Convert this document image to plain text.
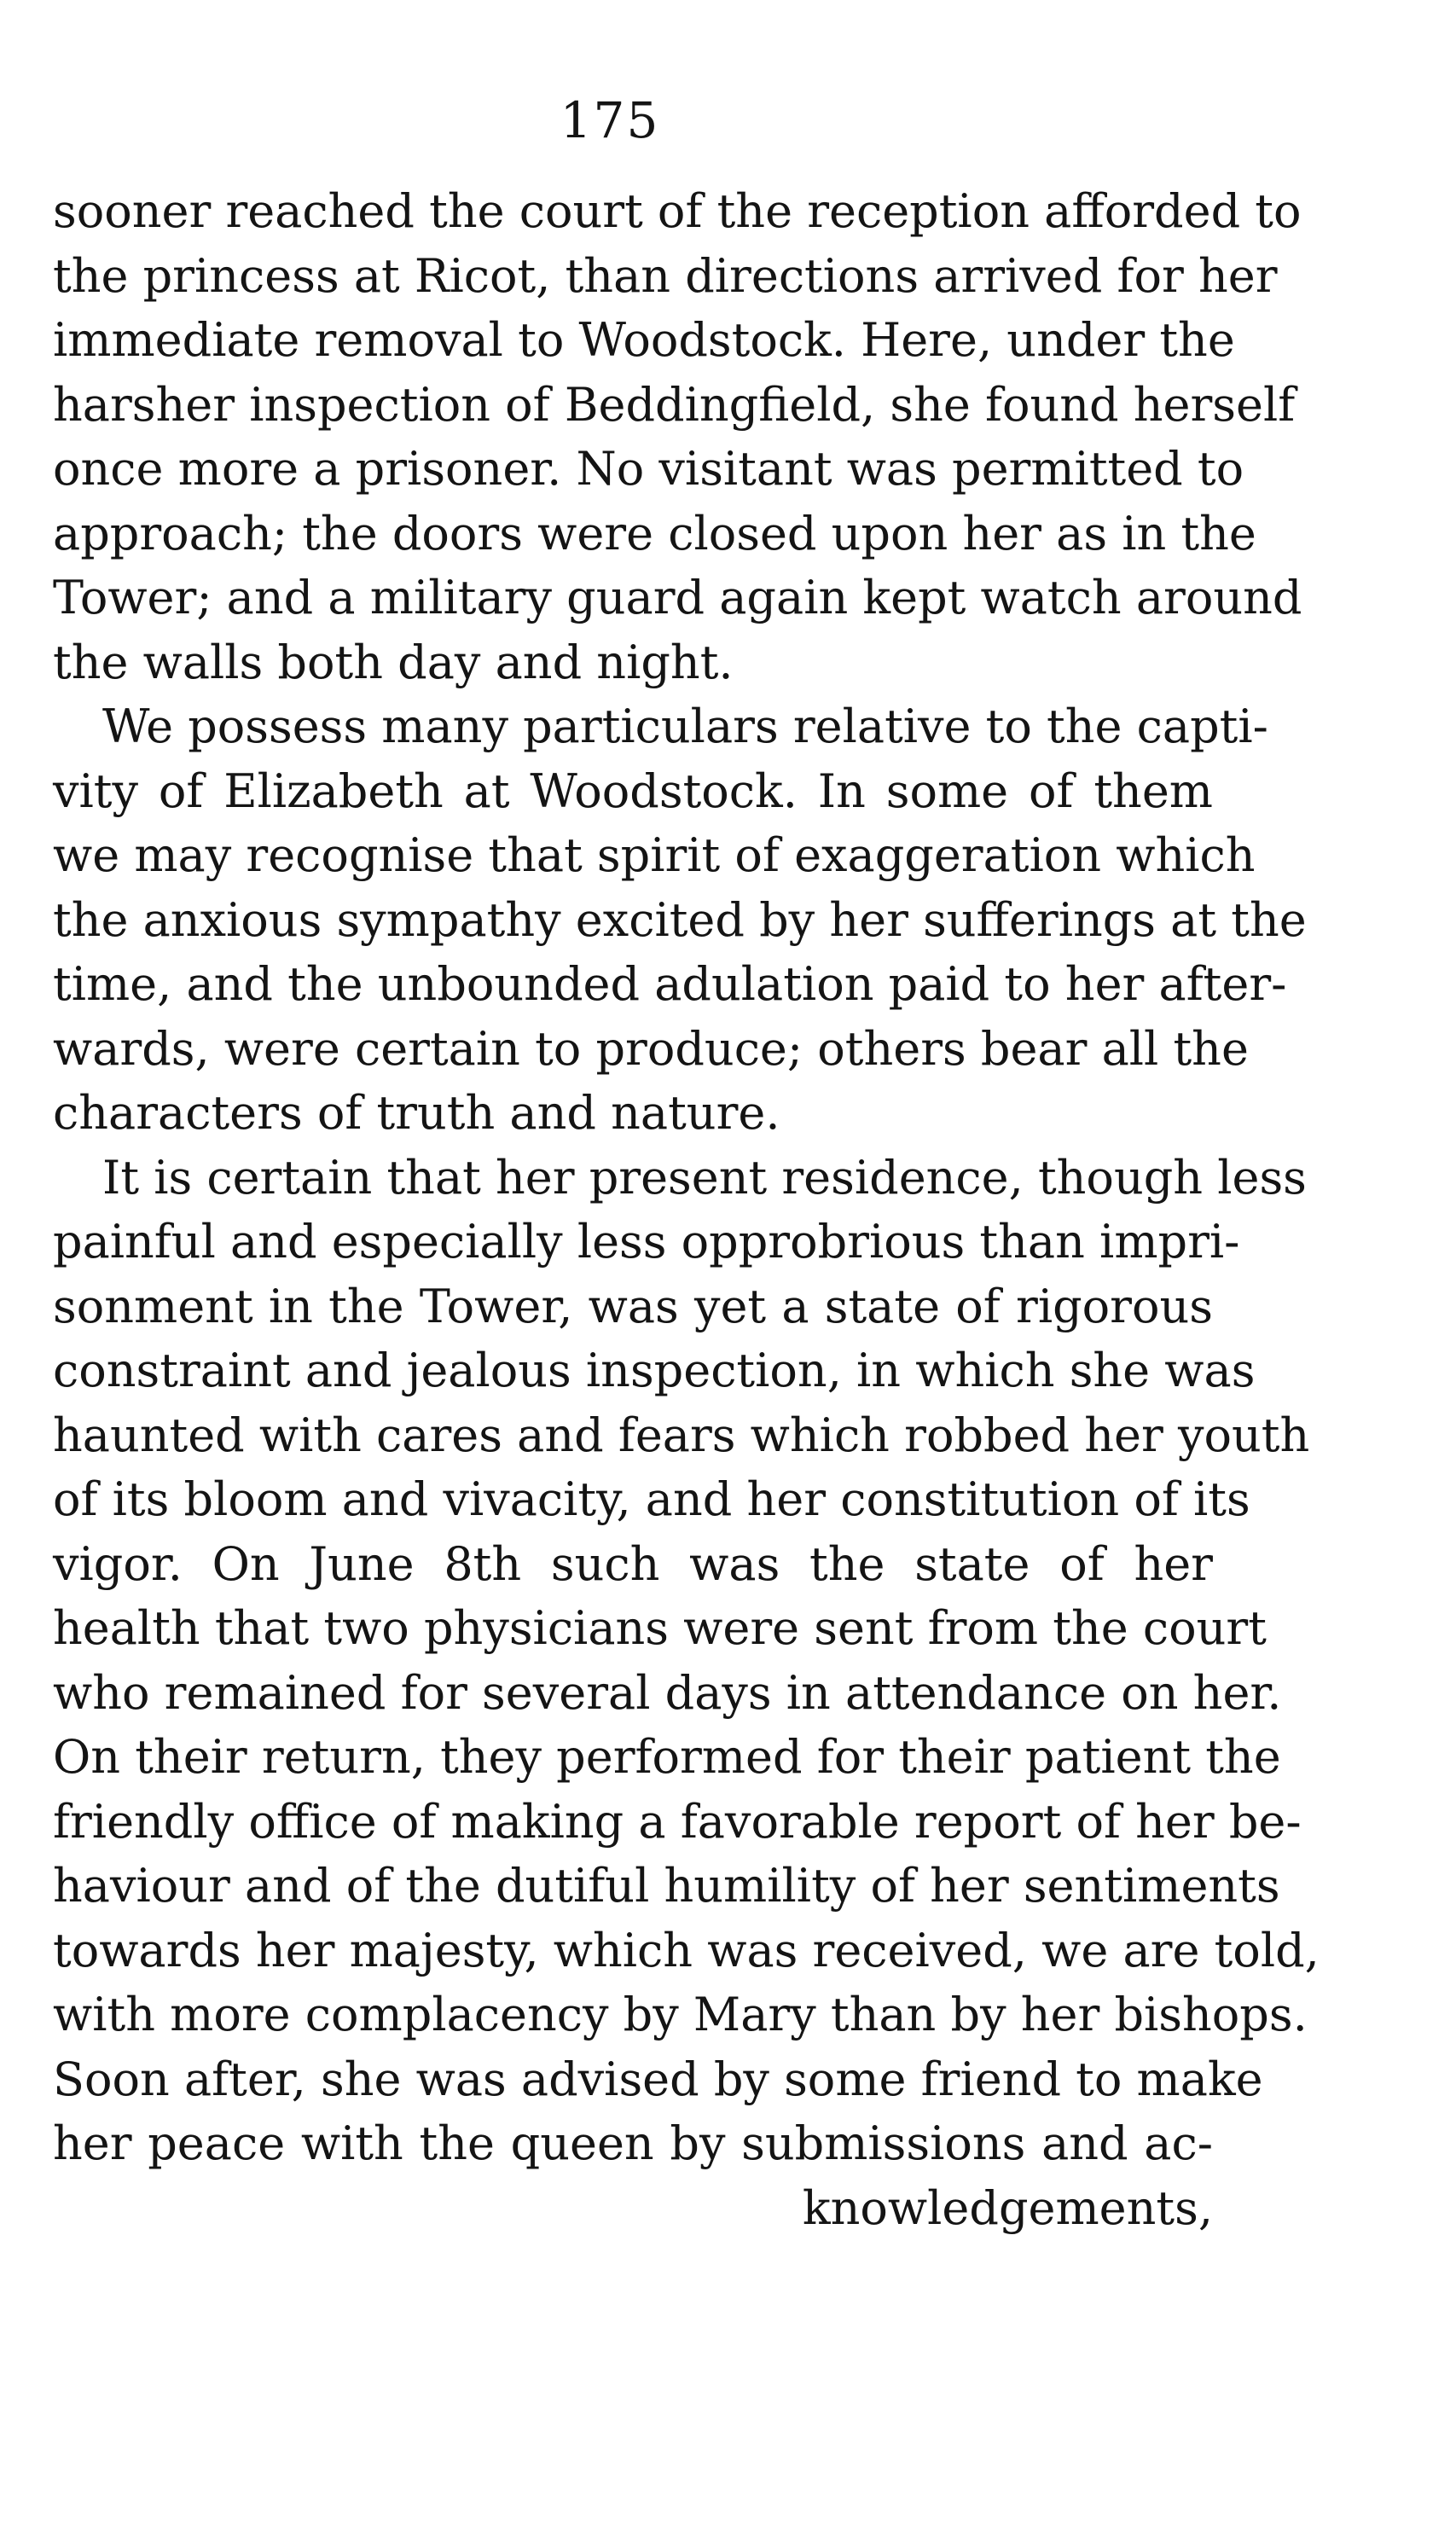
175
sooner reached the court of the reception afforded to
the princess at Ricot, than directions arrived for her
immediate removal to Woodstock. Here, under the
harsher inspection of Beddingfield, she found herself
once more a prisoner. No visitant was permitted to
approach; the doors were closed upon her as in the
Tower; and a military guard again kept watch around
the walls both day and night.
We possess many particulars relative to the capti-
vity of Elizabeth at Woodstock. In some of them
we may recognise that spirit of exaggeration which
the anxious sympathy excited by her sufferings at the
time, and the unbounded adulation paid to her after-
wards, were certain to produce; others bear all the
characters of truth and nature.
It is certain that her present residence, though less
painful and especially less opprobrious than impri-
sonment in the Tower, was yet a state of rigorous
constraint and jealous inspection, in which she was
haunted with cares and fears which robbed her youth
of its bloom and vivacity, and her constitution of its
vigor. On June 8th such was the state of her
health that two physicians were sent from the court
who remained for several days in attendance on her.
On their return, they performed for their patient the
friendly office of making a favorable report of her be-
haviour and of the dutiful humility of her sentiments
towards her majesty, which was received, we are told,
with more complacency by Mary than by her bishops.
Soon after, she was advised by some friend to make
her peace with the queen by submissions and ac-
knowledgements,
